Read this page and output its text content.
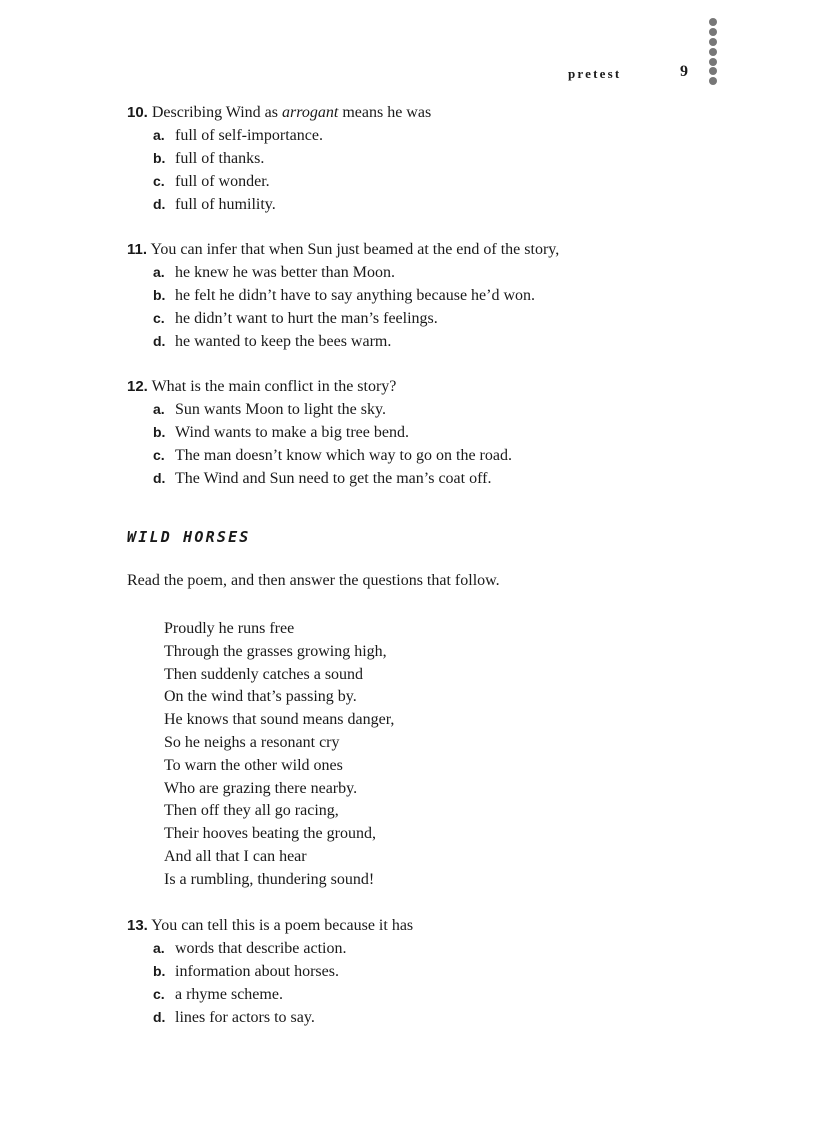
pretest	9
10. Describing Wind as arrogant means he was
a. full of self-importance.
b. full of thanks.
c. full of wonder.
d. full of humility.
11. You can infer that when Sun just beamed at the end of the story,
a. he knew he was better than Moon.
b. he felt he didn’t have to say anything because he’d won.
c. he didn’t want to hurt the man’s feelings.
d. he wanted to keep the bees warm.
12. What is the main conflict in the story?
a. Sun wants Moon to light the sky.
b. Wind wants to make a big tree bend.
c. The man doesn’t know which way to go on the road.
d. The Wind and Sun need to get the man’s coat off.
WILD HORSES
Read the poem, and then answer the questions that follow.
Proudly he runs free
Through the grasses growing high,
Then suddenly catches a sound
On the wind that’s passing by.
He knows that sound means danger,
So he neighs a resonant cry
To warn the other wild ones
Who are grazing there nearby.
Then off they all go racing,
Their hooves beating the ground,
And all that I can hear
Is a rumbling, thundering sound!
13. You can tell this is a poem because it has
a. words that describe action.
b. information about horses.
c. a rhyme scheme.
d. lines for actors to say.
